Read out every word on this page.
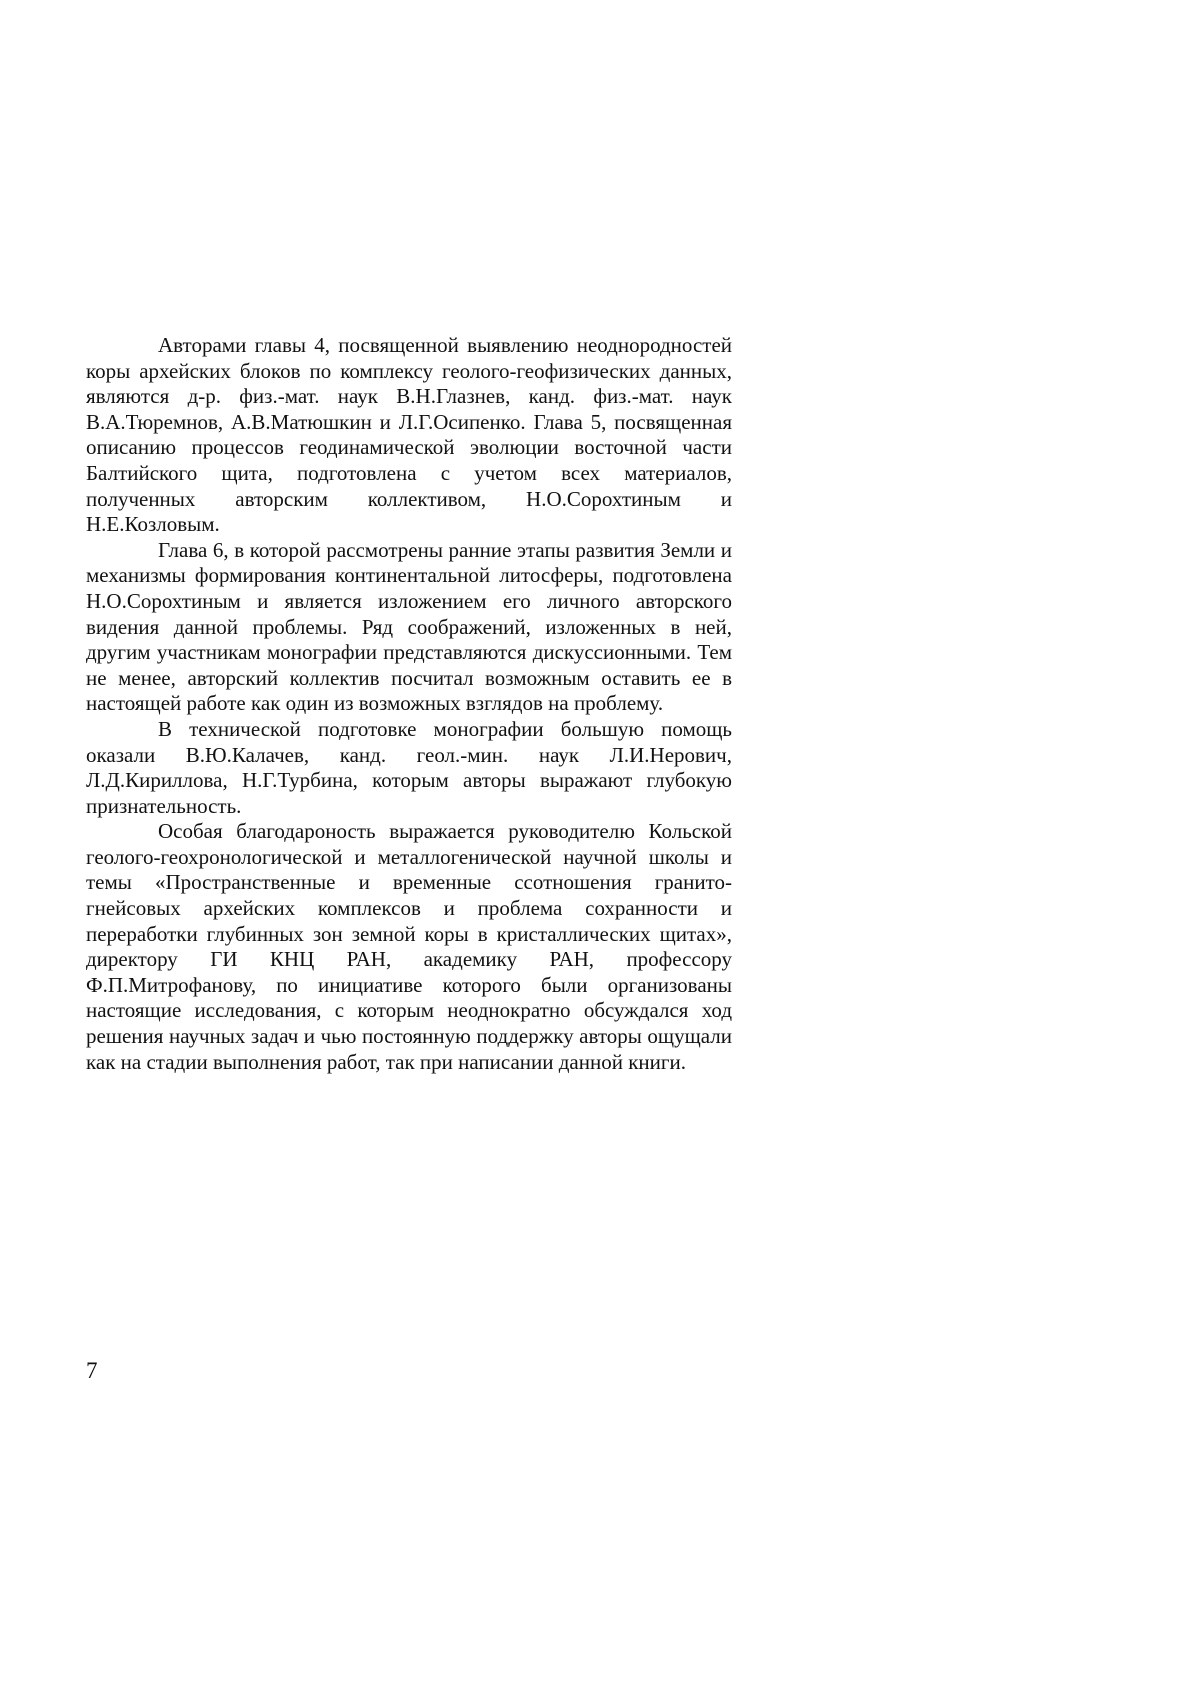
Авторами главы 4, посвященной выявлению неоднородностей коры архейских блоков по комплексу геолого-геофизических данных, являются д-р. физ.-мат. наук В.Н.Глазнев, канд. физ.-мат. наук В.А.Тюремнов, А.В.Матюшкин и Л.Г.Осипенко. Глава 5, посвященная описанию процессов геодинамической эволюции восточной части Балтийского щита, подготовлена с учетом всех материалов, полученных авторским коллективом, Н.О.Сорохтиным и Н.Е.Козловым.

Глава 6, в которой рассмотрены ранние этапы развития Земли и механизмы формирования континентальной литосферы, подготовлена Н.О.Сорохтиным и является изложением его личного авторского видения данной проблемы. Ряд соображений, изложенных в ней, другим участникам монографии представляются дискуссионными. Тем не менее, авторский коллектив посчитал возможным оставить ее в настоящей работе как один из возможных взглядов на проблему.

В технической подготовке монографии большую помощь оказали В.Ю.Калачев, канд. геол.-мин. наук Л.И.Нерович, Л.Д.Кириллова, Н.Г.Турбина, которым авторы выражают глубокую признательность.

Особая благодароность выражается руководителю Кольской геолого-геохронологической и металлогенической научной школы и темы «Пространственные и временные ссотношения гранито-гнейсовых архейских комплексов и проблема сохранности и переработки глубинных зон земной коры в кристаллических щитах», директору ГИ КНЦ РАН, академику РАН, профессору Ф.П.Митрофанову, по инициативе которого были организованы настоящие исследования, с которым неоднократно обсуждался ход решения научных задач и чью постоянную поддержку авторы ощущали как на стадии выполнения работ, так при написании данной книги.

7
